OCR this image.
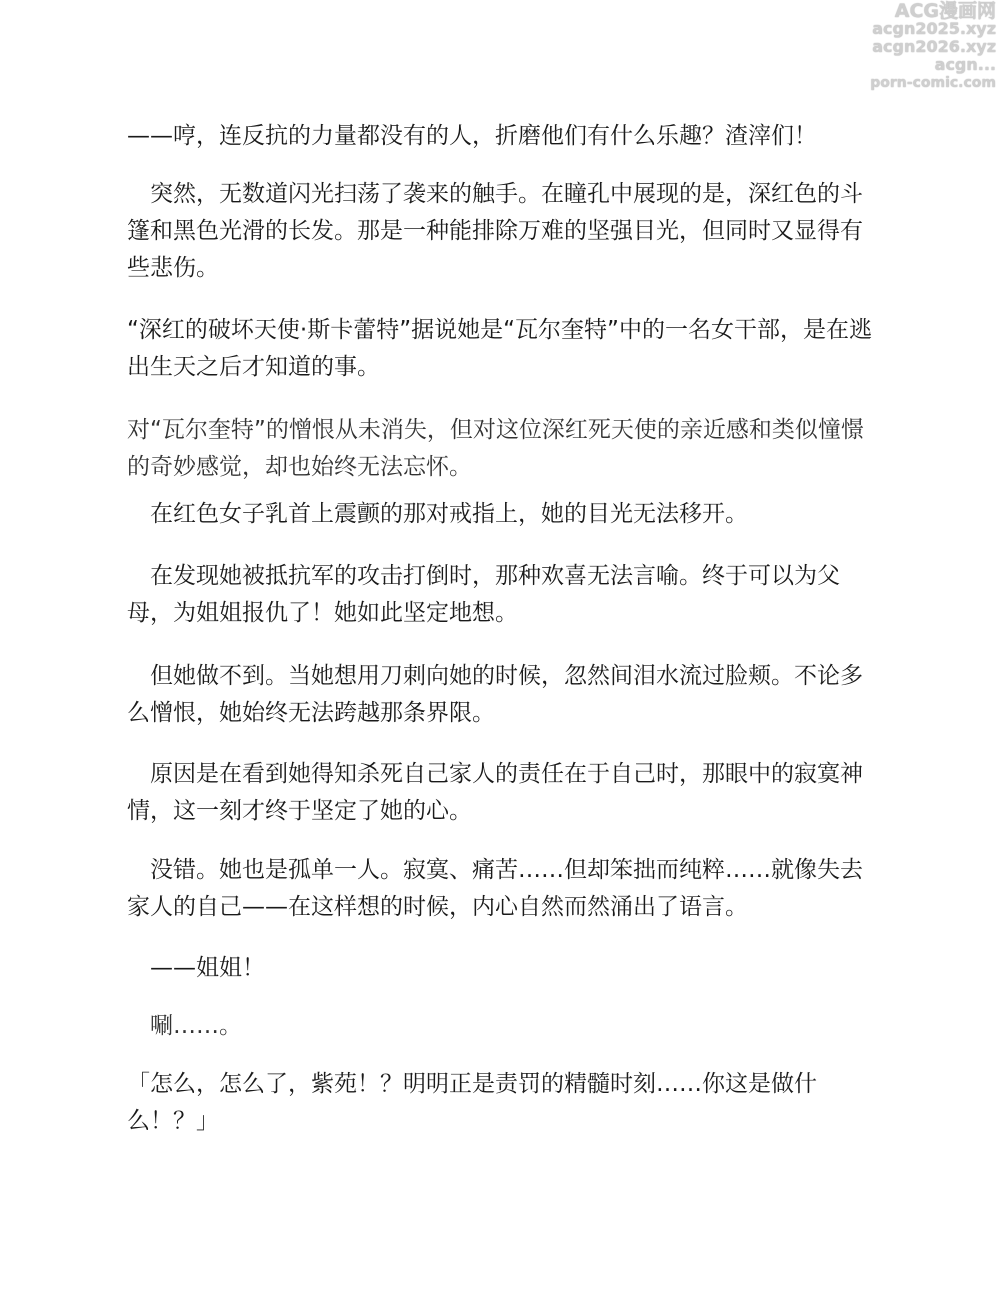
ACG漫画网
acgn2025.xyz
acgn2026.xyz
acgn...
porn-comic.com

——哼，连反抗的力量都没有的人，折磨他们有什么乐趣？渣滓们！

　突然，无数道闪光扫荡了袭来的触手。在瞳孔中展现的是，深红色的斗篷和黑色光滑的长发。那是一种能排除万难的坚强目光，但同时又显得有些悲伤。

“深红的破坏天使·斯卡蕾特”据说她是“瓦尔奎特”中的一名女干部，是在逃出生天之后才知道的事。

对“瓦尔奎特”的憎恨从未消失，但对这位深红死天使的亲近感和类似憧憬的奇妙感觉，却也始终无法忘怀。

　在红色女子乳首上震颤的那对戒指上，她的目光无法移开。

　在发现她被抵抗军的攻击打倒时，那种欢喜无法言喻。终于可以为父母，为姐姐报仇了！她如此坚定地想。

　但她做不到。当她想用刀刺向她的时候，忽然间泪水流过脸颊。不论多么憎恨，她始终无法跨越那条界限。

　原因是在看到她得知杀死自己家人的责任在于自己时，那眼中的寂寞神情，这一刻才终于坚定了她的心。

　没错。她也是孤单一人。寂寞、痛苦……但却笨拙而纯粹……就像失去家人的自己——在这样想的时候，内心自然而然涌出了语言。

　——姐姐！

　唰……。

「怎么，怎么了，紫苑！？明明正是责罚的精髓时刻……你这是做什么！？」
